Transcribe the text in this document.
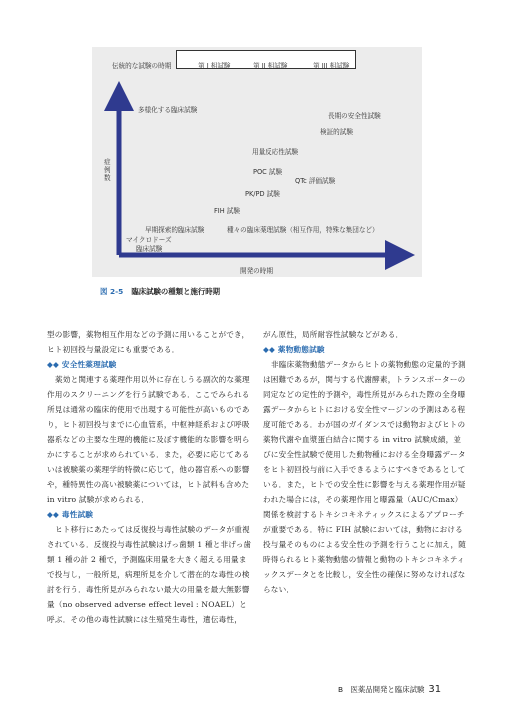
伝統的な試験の時期	第 I 相試験	第 II 相試験	第 III 相試験
症
例
数
開発の時期
多様化する臨床試験
長期の安全性試験
検証的試験
用量反応性試験
POC 試験
QTc 評価試験
PK/PD 試験
FIH 試験
早期探索的臨床試験
マイクロドーズ
臨床試験
種々の臨床薬理試験（相互作用，特殊な集団など）
図 2-5 臨床試験の種類と施行時期

型の影響，薬物相互作用などの予測に用いることができ，ヒト初回投与量設定にも重要である．

◆◆ 安全性薬理試験

薬効と関連する薬理作用以外に存在しうる副次的な薬理作用のスクリーニングを行う試験である．ここでみられる所見は通常の臨床的使用で出現する可能性が高いものであり，ヒト初回投与までに心血管系，中枢神経系および呼吸器系などの主要な生理的機能に及ぼす機能的な影響を明らかにすることが求められている．また，必要に応じてあるいは被験薬の薬理学的特徴に応じて，他の器官系への影響や，種特異性の高い被験薬については，ヒト試料も含めた in vitro 試験が求められる．

◆◆ 毒性試験

ヒト移行にあたっては反復投与毒性試験のデータが重視されている．反復投与毒性試験はげっ歯類 1 種と非げっ歯類 1 種の計 2 種で，予測臨床用量を大きく超える用量まで投与し，一般所見，病理所見を介して潜在的な毒性の検討を行う．毒性所見がみられない最大の用量を最大無影響量（no observed adverse effect level : NOAEL）と呼ぶ．その他の毒性試験には生殖発生毒性，遺伝毒性，

がん原性，局所耐容性試験などがある．

◆◆ 薬物動態試験

非臨床薬物動態データからヒトの薬物動態の定量的予測は困難であるが，関与する代謝酵素，トランスポーターの同定などの定性的予測や，毒性所見がみられた際の全身曝露データからヒトにおける安全性マージンの予測はある程度可能である．わが国のガイダンスでは動物およびヒトの薬物代謝や血漿蛋白結合に関する in vitro 試験成績，並びに安全性試験で使用した動物種における全身曝露データをヒト初回投与前に入手できるようにすべきであるとしている．また，ヒトでの安全性に影響を与える薬理作用が疑われた場合には，その薬理作用と曝露量（AUC/Cmax）関係を検討するトキシコキネティックスによるアプローチが重要である．特に FIH 試験においては，動物における投与量そのものによる安全性の予測を行うことに加え，随時得られるヒト薬物動態の情報と動物のトキシコキネティックスデータとを比較し，安全性の確保に努めなければならない．

B　医薬品開発と臨床試験 31
